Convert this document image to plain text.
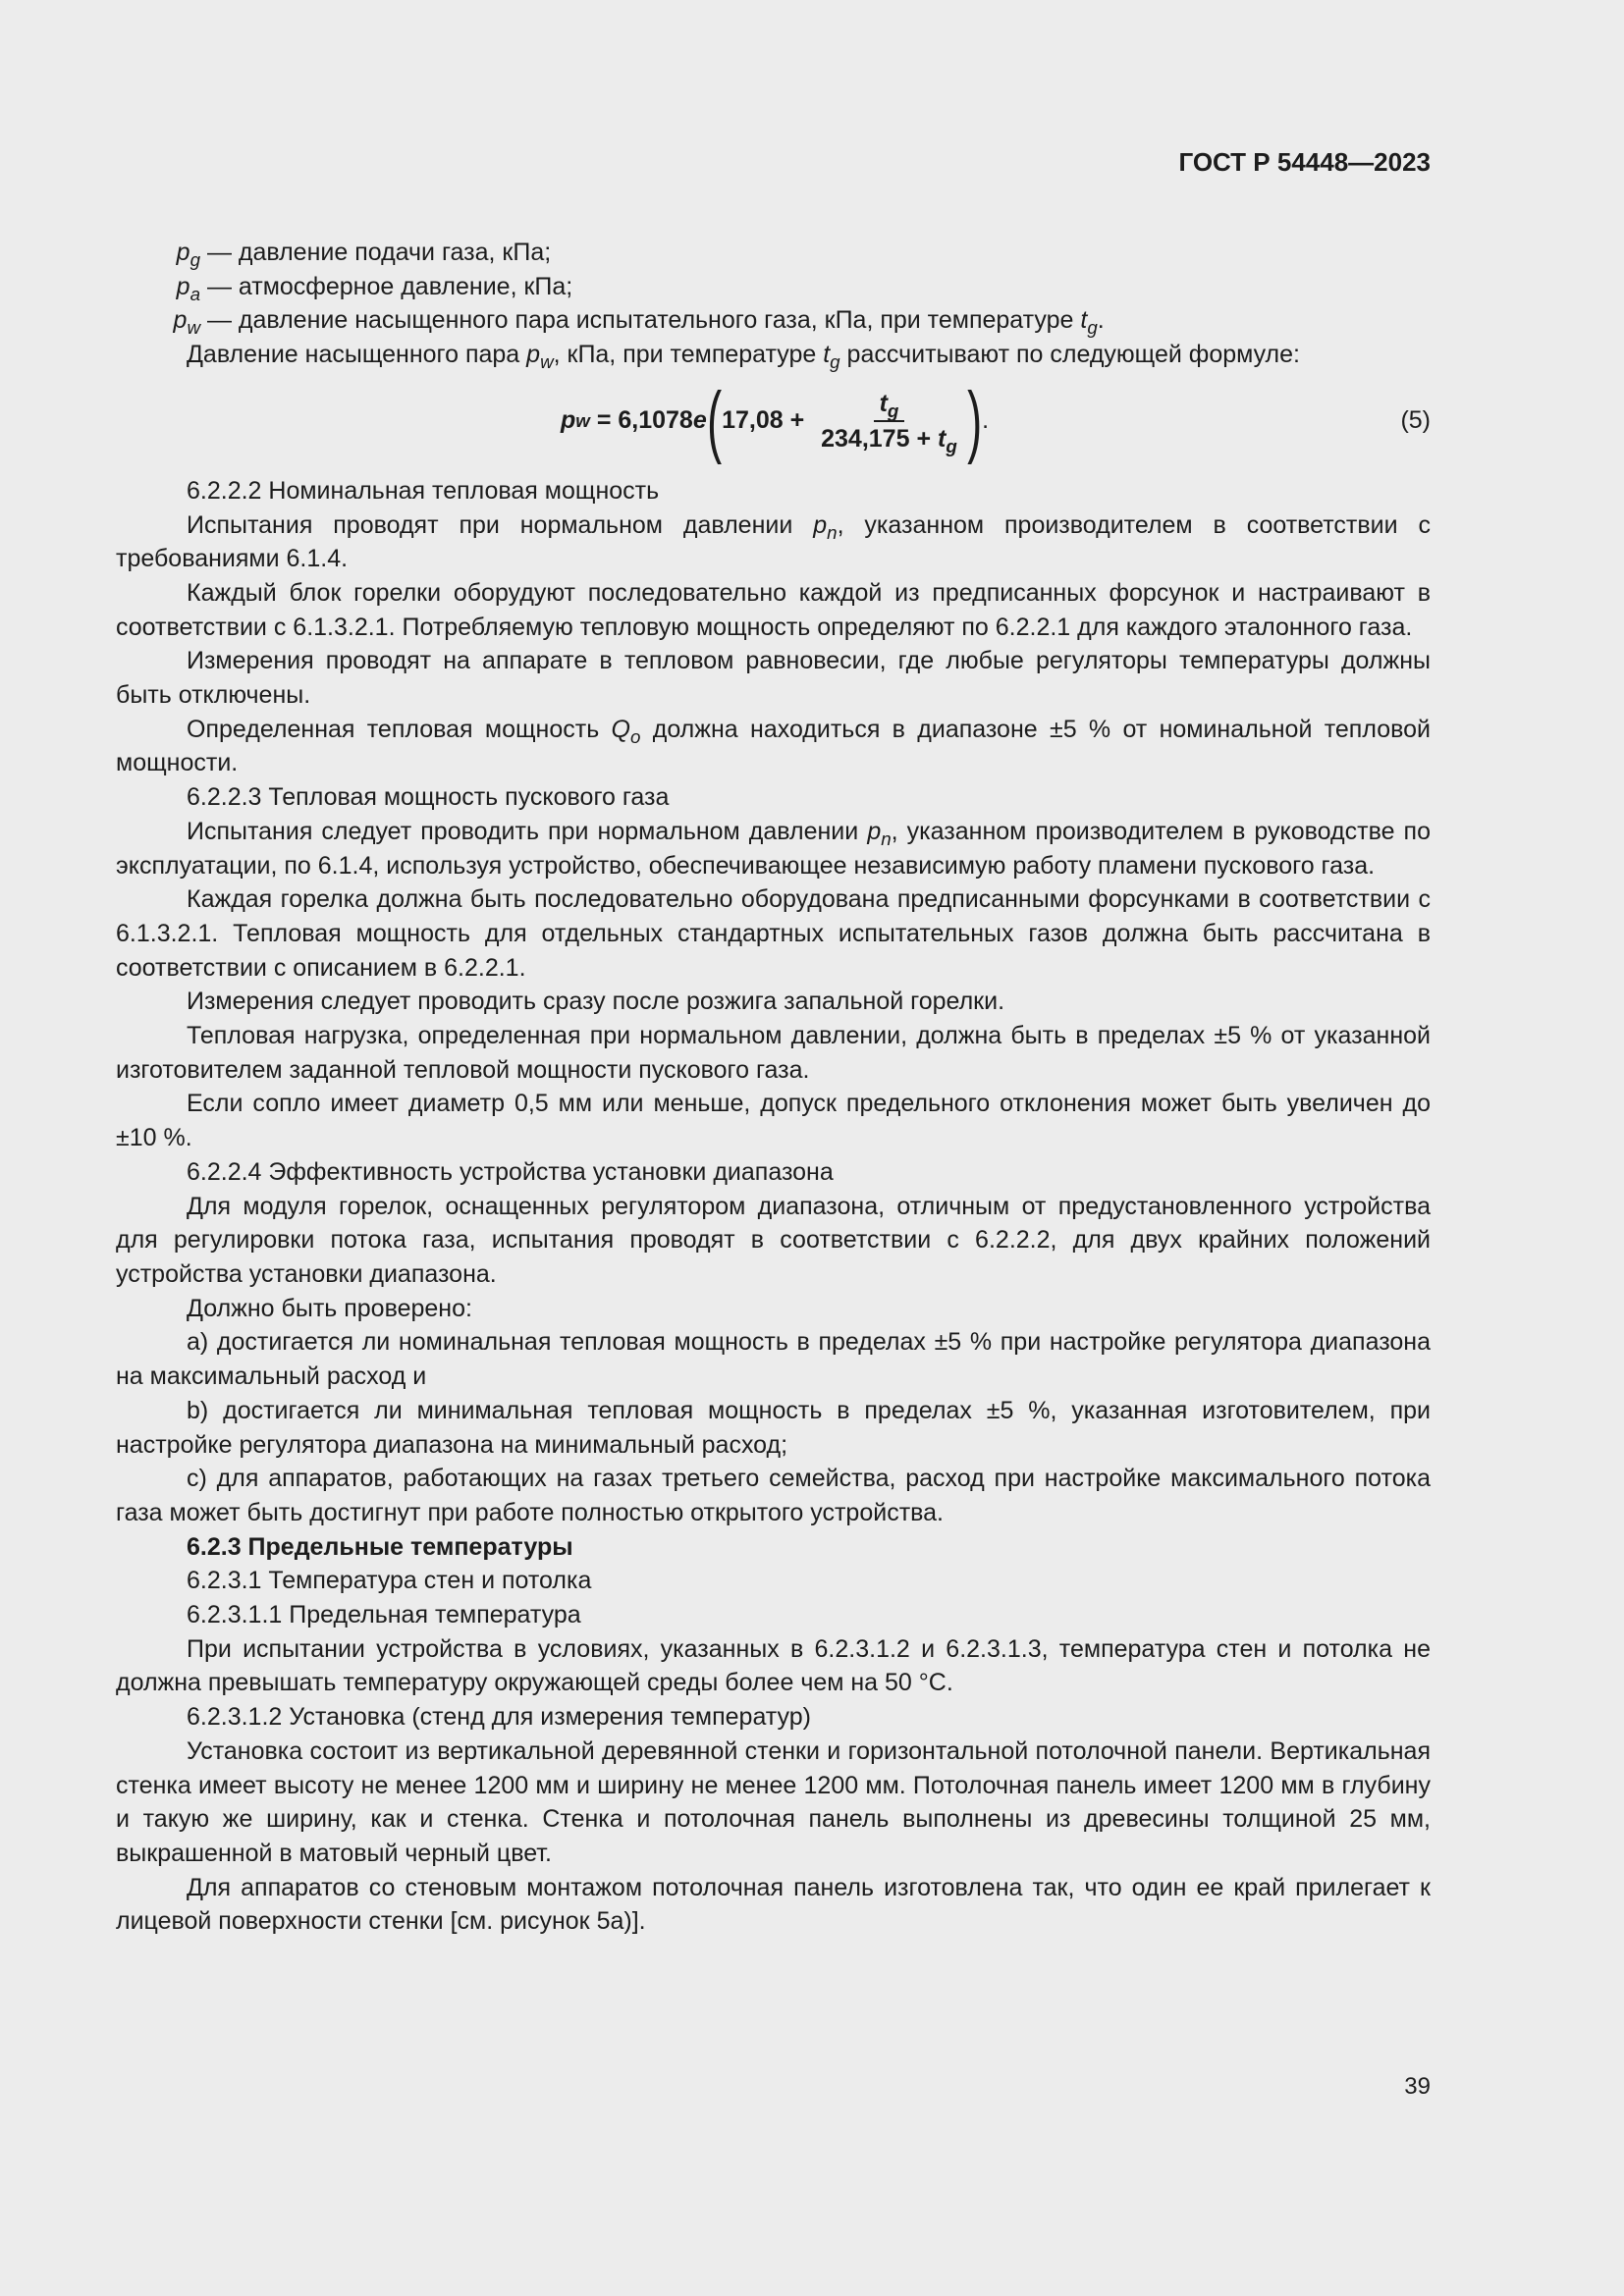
ГОСТ Р 54448—2023

$p_g$ — давление подачи газа, кПа;

$p_a$ — атмосферное давление, кПа;

$p_w$ — давление насыщенного пара испытательного газа, кПа, при температуре $t_g$.

Давление насыщенного пара $p_w$, кПа, при температуре $t_g$ рассчитывают по следующей формуле:

p w = 6,1078 e ( $17,08 + \frac{t_g}{234,175 + t_g}$ ) .	(5)

6.2.2.2 Номинальная тепловая мощность

Испытания проводят при нормальном давлении $p_n$, указанном производителем в соответствии с требованиями 6.1.4.

Каждый блок горелки оборудуют последовательно каждой из предписанных форсунок и настраивают в соответствии с 6.1.3.2.1. Потребляемую тепловую мощность определяют по 6.2.2.1 для каждого эталонного газа.

Измерения проводят на аппарате в тепловом равновесии, где любые регуляторы температуры должны быть отключены.

Определенная тепловая мощность $Q_o$ должна находиться в диапазоне ±5 % от номинальной тепловой мощности.

6.2.2.3 Тепловая мощность пускового газа

Испытания следует проводить при нормальном давлении $p_n$, указанном производителем в руководстве по эксплуатации, по 6.1.4, используя устройство, обеспечивающее независимую работу пламени пускового газа.

Каждая горелка должна быть последовательно оборудована предписанными форсунками в соответствии с 6.1.3.2.1. Тепловая мощность для отдельных стандартных испытательных газов должна быть рассчитана в соответствии с описанием в 6.2.2.1.

Измерения следует проводить сразу после розжига запальной горелки.

Тепловая нагрузка, определенная при нормальном давлении, должна быть в пределах ±5 % от указанной изготовителем заданной тепловой мощности пускового газа.

Если сопло имеет диаметр 0,5 мм или меньше, допуск предельного отклонения может быть увеличен до ±10 %.

6.2.2.4 Эффективность устройства установки диапазона

Для модуля горелок, оснащенных регулятором диапазона, отличным от предустановленного устройства для регулировки потока газа, испытания проводят в соответствии с 6.2.2.2, для двух крайних положений устройства установки диапазона.

Должно быть проверено:

a) достигается ли номинальная тепловая мощность в пределах ±5 % при настройке регулятора диапазона на максимальный расход и

b) достигается ли минимальная тепловая мощность в пределах ±5 %, указанная изготовителем, при настройке регулятора диапазона на минимальный расход;

c) для аппаратов, работающих на газах третьего семейства, расход при настройке максимального потока газа может быть достигнут при работе полностью открытого устройства.

6.2.3 Предельные температуры

6.2.3.1 Температура стен и потолка

6.2.3.1.1 Предельная температура

При испытании устройства в условиях, указанных в 6.2.3.1.2 и 6.2.3.1.3, температура стен и потолка не должна превышать температуру окружающей среды более чем на 50 °С.

6.2.3.1.2 Установка (стенд для измерения температур)

Установка состоит из вертикальной деревянной стенки и горизонтальной потолочной панели. Вертикальная стенка имеет высоту не менее 1200 мм и ширину не менее 1200 мм. Потолочная панель имеет 1200 мм в глубину и такую же ширину, как и стенка. Стенка и потолочная панель выполнены из древесины толщиной 25 мм, выкрашенной в матовый черный цвет.

Для аппаратов со стеновым монтажом потолочная панель изготовлена так, что один ее край прилегает к лицевой поверхности стенки [см. рисунок 5а)].

39
